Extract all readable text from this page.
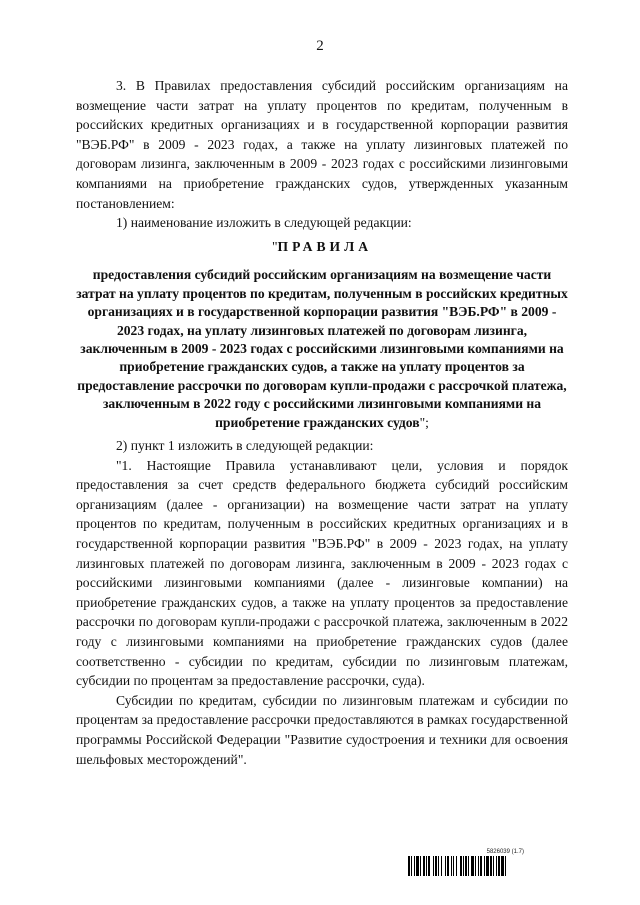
2

3. В Правилах предоставления субсидий российским организациям на возмещение части затрат на уплату процентов по кредитам, полученным в российских кредитных организациях и в государственной корпорации развития "ВЭБ.РФ" в 2009 - 2023 годах, а также на уплату лизинговых платежей по договорам лизинга, заключенным в 2009 - 2023 годах с российскими лизинговыми компаниями на приобретение гражданских судов, утвержденных указанным постановлением:

1) наименование изложить в следующей редакции:

"ПРАВИЛА

предоставления субсидий российским организациям на возмещение части затрат на уплату процентов по кредитам, полученным в российских кредитных организациях и в государственной корпорации развития "ВЭБ.РФ" в 2009 - 2023 годах, на уплату лизинговых платежей по договорам лизинга, заключенным в 2009 - 2023 годах с российскими лизинговыми компаниями на приобретение гражданских судов, а также на уплату процентов за предоставление рассрочки по договорам купли-продажи с рассрочкой платежа, заключенным в 2022 году с российскими лизинговыми компаниями на приобретение гражданских судов";

2) пункт 1 изложить в следующей редакции:

"1. Настоящие Правила устанавливают цели, условия и порядок предоставления за счет средств федерального бюджета субсидий российским организациям (далее - организации) на возмещение части затрат на уплату процентов по кредитам, полученным в российских кредитных организациях и в государственной корпорации развития "ВЭБ.РФ" в 2009 - 2023 годах, на уплату лизинговых платежей по договорам лизинга, заключенным в 2009 - 2023 годах с российскими лизинговыми компаниями (далее - лизинговые компании) на приобретение гражданских судов, а также на уплату процентов за предоставление рассрочки по договорам купли-продажи с рассрочкой платежа, заключенным в 2022 году с лизинговыми компаниями на приобретение гражданских судов (далее соответственно - субсидии по кредитам, субсидии по лизинговым платежам, субсидии по процентам за предоставление рассрочки, суда).

Субсидии по кредитам, субсидии по лизинговым платежам и субсидии по процентам за предоставление рассрочки предоставляются в рамках государственной программы Российской Федерации "Развитие судостроения и техники для освоения шельфовых месторождений".

5826039 (1.7)
